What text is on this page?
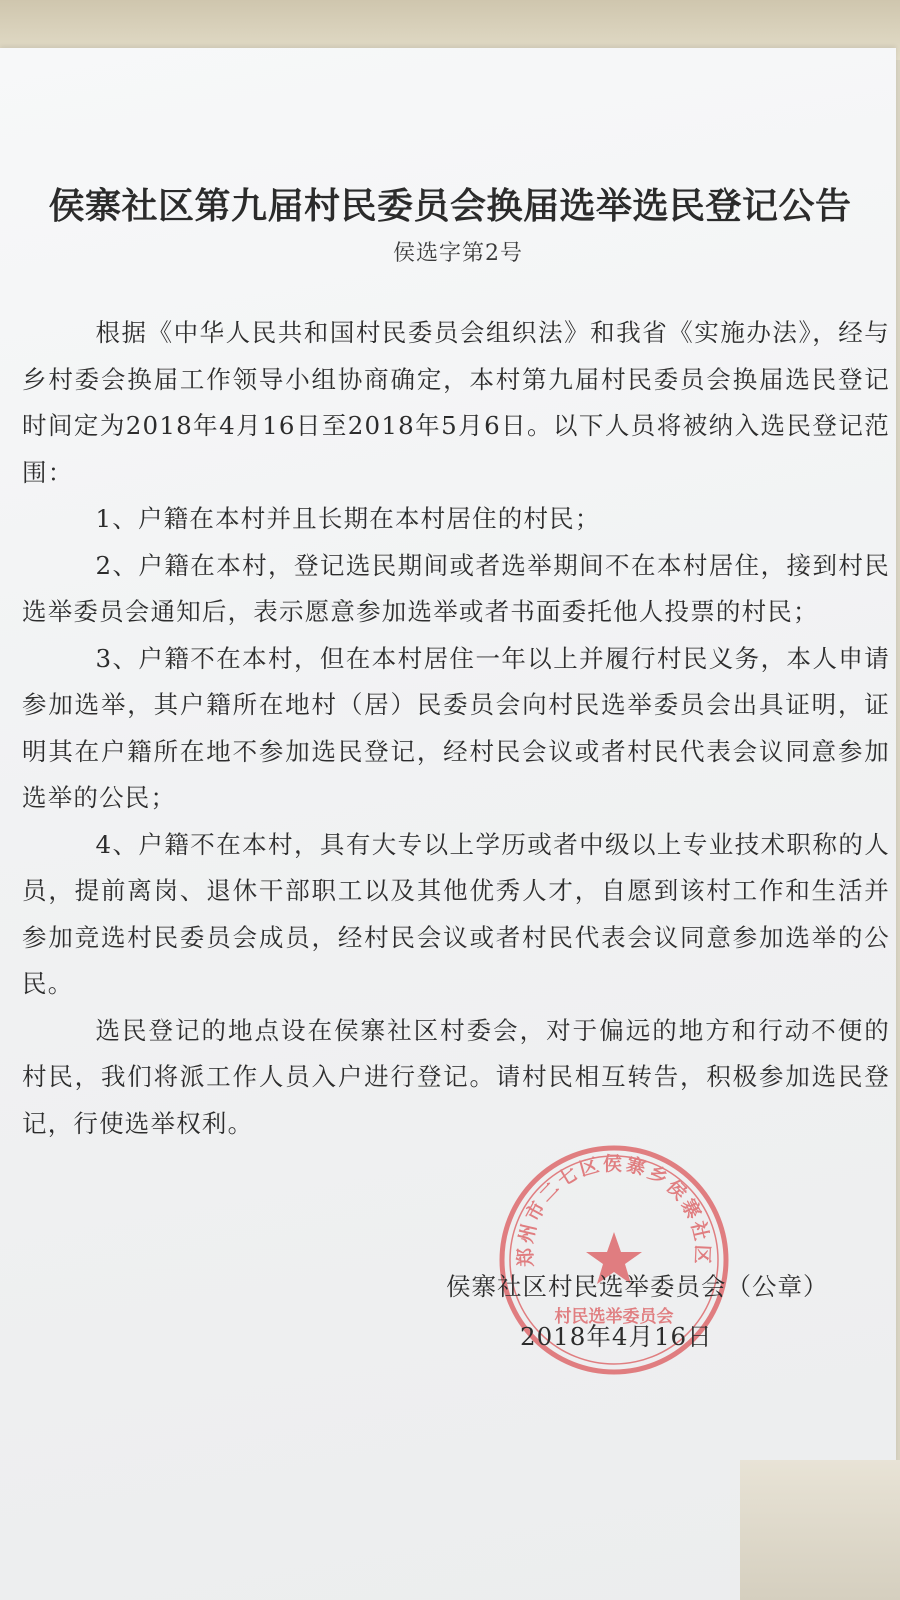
侯寨社区第九届村民委员会换届选举选民登记公告
侯选字第2号

根据《中华人民共和国村民委员会组织法》和我省《实施办法》，经与乡村委会换届工作领导小组协商确定，本村第九届村民委员会换届选民登记时间定为2018年4月16日至2018年5月6日。以下人员将被纳入选民登记范围：

1、户籍在本村并且长期在本村居住的村民；

2、户籍在本村，登记选民期间或者选举期间不在本村居住，接到村民选举委员会通知后，表示愿意参加选举或者书面委托他人投票的村民；

3、户籍不在本村，但在本村居住一年以上并履行村民义务，本人申请参加选举，其户籍所在地村（居）民委员会向村民选举委员会出具证明，证明其在户籍所在地不参加选民登记，经村民会议或者村民代表会议同意参加选举的公民；

4、户籍不在本村，具有大专以上学历或者中级以上专业技术职称的人员，提前离岗、退休干部职工以及其他优秀人才，自愿到该村工作和生活并参加竞选村民委员会成员，经村民会议或者村民代表会议同意参加选举的公民。

选民登记的地点设在侯寨社区村委会，对于偏远的地方和行动不便的村民，我们将派工作人员入户进行登记。请村民相互转告，积极参加选民登记，行使选举权利。

郑州市二七区侯寨乡侯寨社区
村民选举委员会
侯寨社区村民选举委员会（公章）
2018年4月16日
